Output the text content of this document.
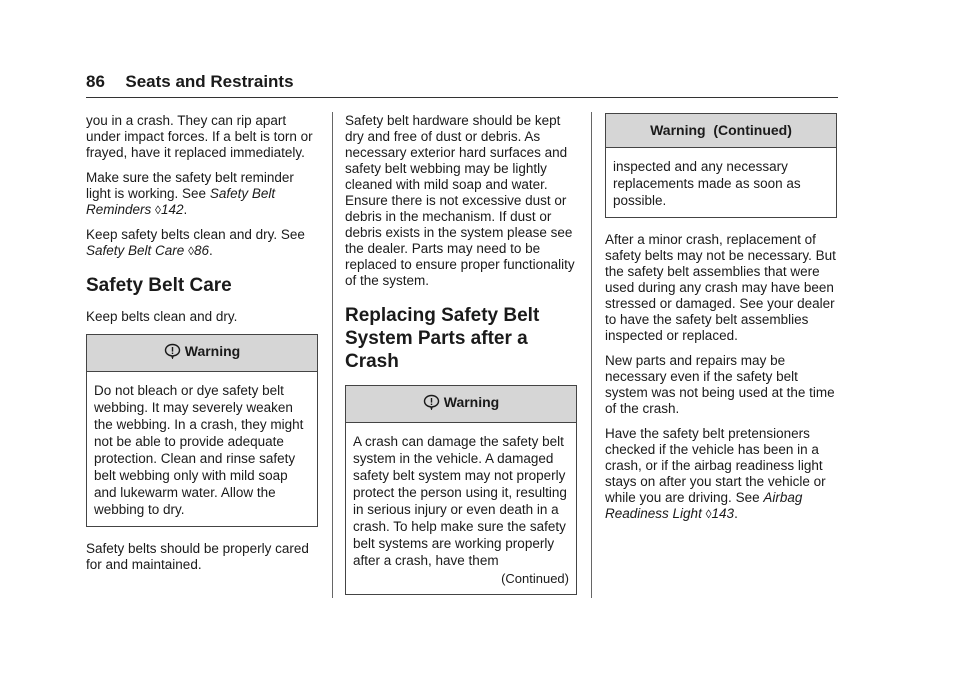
86 Seats and Restraints

you in a crash. They can rip apart under impact forces. If a belt is torn or frayed, have it replaced immediately.

Make sure the safety belt reminder light is working. See Safety Belt Reminders ◊142.

Keep safety belts clean and dry. See Safety Belt Care ◊86.

Safety Belt Care

Keep belts clean and dry.

Warning

Do not bleach or dye safety belt webbing. It may severely weaken the webbing. In a crash, they might not be able to provide adequate protection. Clean and rinse safety belt webbing only with mild soap and lukewarm water. Allow the webbing to dry.

Safety belts should be properly cared for and maintained.

Safety belt hardware should be kept dry and free of dust or debris. As necessary exterior hard surfaces and safety belt webbing may be lightly cleaned with mild soap and water. Ensure there is not excessive dust or debris in the mechanism. If dust or debris exists in the system please see the dealer. Parts may need to be replaced to ensure proper functionality of the system.

Replacing Safety Belt System Parts after a Crash
Warning

A crash can damage the safety belt system in the vehicle. A damaged safety belt system may not properly protect the person using it, resulting in serious injury or even death in a crash. To help make sure the safety belt systems are working properly after a crash, have them

(Continued)
Warning  (Continued)

inspected and any necessary replacements made as soon as possible.

After a minor crash, replacement of safety belts may not be necessary. But the safety belt assemblies that were used during any crash may have been stressed or damaged. See your dealer to have the safety belt assemblies inspected or replaced.

New parts and repairs may be necessary even if the safety belt system was not being used at the time of the crash.

Have the safety belt pretensioners checked if the vehicle has been in a crash, or if the airbag readiness light stays on after you start the vehicle or while you are driving. See Airbag Readiness Light ◊143.
